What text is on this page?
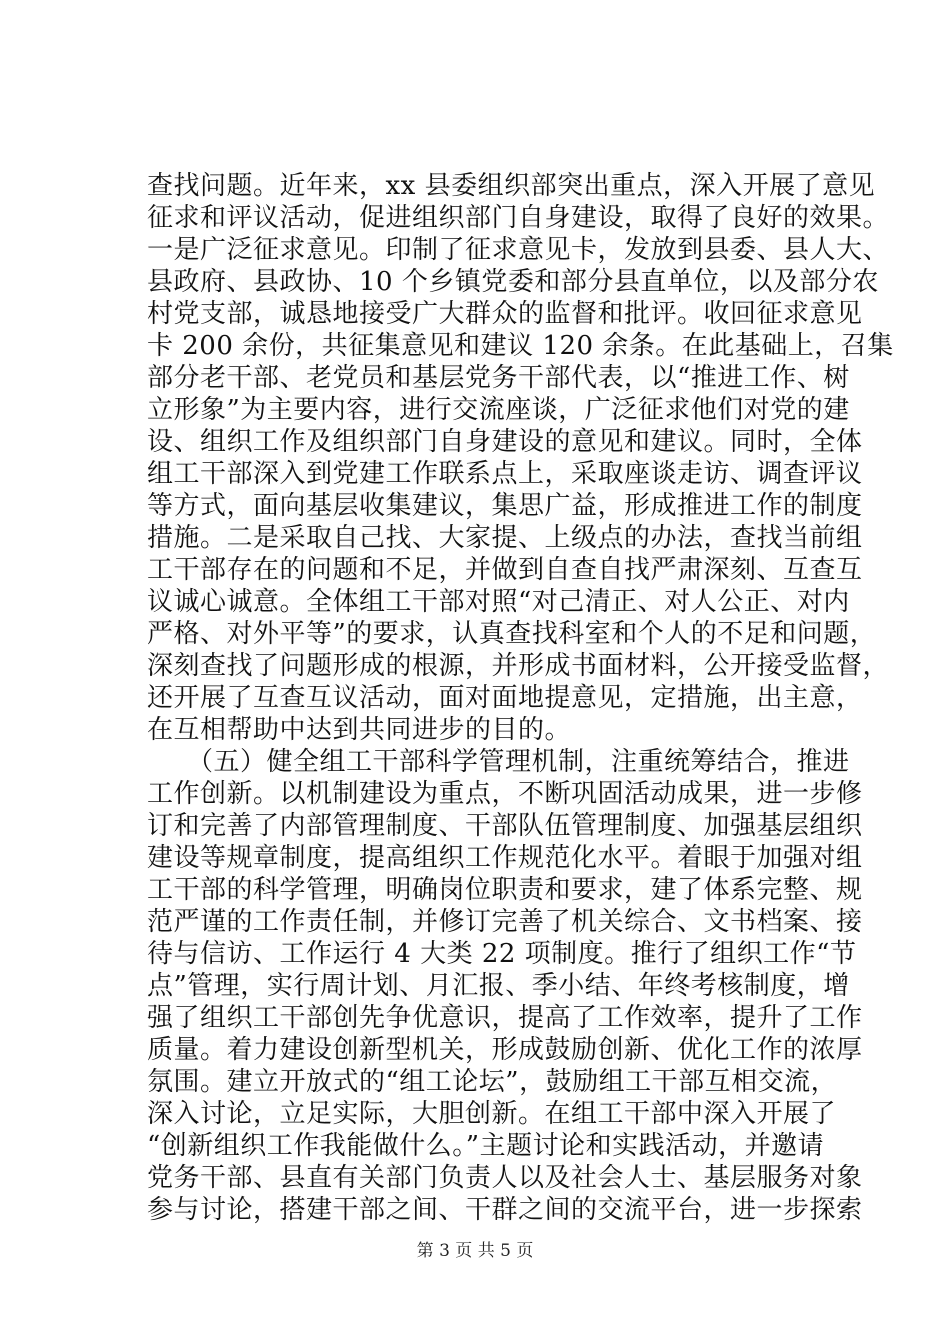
查找问题。近年来，xx 县委组织部突出重点，深入开展了意见
征求和评议活动，促进组织部门自身建设，取得了良好的效果。
一是广泛征求意见。印制了征求意见卡，发放到县委、县人大、
县政府、县政协、10 个乡镇党委和部分县直单位，以及部分农
村党支部，诚恳地接受广大群众的监督和批评。收回征求意见
卡 200 余份，共征集意见和建议 120 余条。在此基础上，召集
部分老干部、老党员和基层党务干部代表，以“推进工作、树
立形象”为主要内容，进行交流座谈，广泛征求他们对党的建
设、组织工作及组织部门自身建设的意见和建议。同时，全体
组工干部深入到党建工作联系点上，采取座谈走访、调查评议
等方式，面向基层收集建议，集思广益，形成推进工作的制度
措施。二是采取自己找、大家提、上级点的办法，查找当前组
工干部存在的问题和不足，并做到自查自找严肃深刻、互查互
议诚心诚意。全体组工干部对照“对己清正、对人公正、对内
严格、对外平等”的要求，认真查找科室和个人的不足和问题，
深刻查找了问题形成的根源，并形成书面材料，公开接受监督，
还开展了互查互议活动，面对面地提意见，定措施，出主意，
在互相帮助中达到共同进步的目的。
　　（五）健全组工干部科学管理机制，注重统筹结合，推进
工作创新。以机制建设为重点，不断巩固活动成果，进一步修
订和完善了内部管理制度、干部队伍管理制度、加强基层组织
建设等规章制度，提高组织工作规范化水平。着眼于加强对组
工干部的科学管理，明确岗位职责和要求，建了体系完整、规
范严谨的工作责任制，并修订完善了机关综合、文书档案、接
待与信访、工作运行 4 大类 22 项制度。推行了组织工作“节
点”管理，实行周计划、月汇报、季小结、年终考核制度，增
强了组织工干部创先争优意识，提高了工作效率，提升了工作
质量。着力建设创新型机关，形成鼓励创新、优化工作的浓厚
氛围。建立开放式的“组工论坛”，鼓励组工干部互相交流，
深入讨论，立足实际，大胆创新。在组工干部中深入开展了
“创新组织工作我能做什么。”主题讨论和实践活动，并邀请
党务干部、县直有关部门负责人以及社会人士、基层服务对象
参与讨论，搭建干部之间、干群之间的交流平台，进一步探索
第 3 页 共 5 页
